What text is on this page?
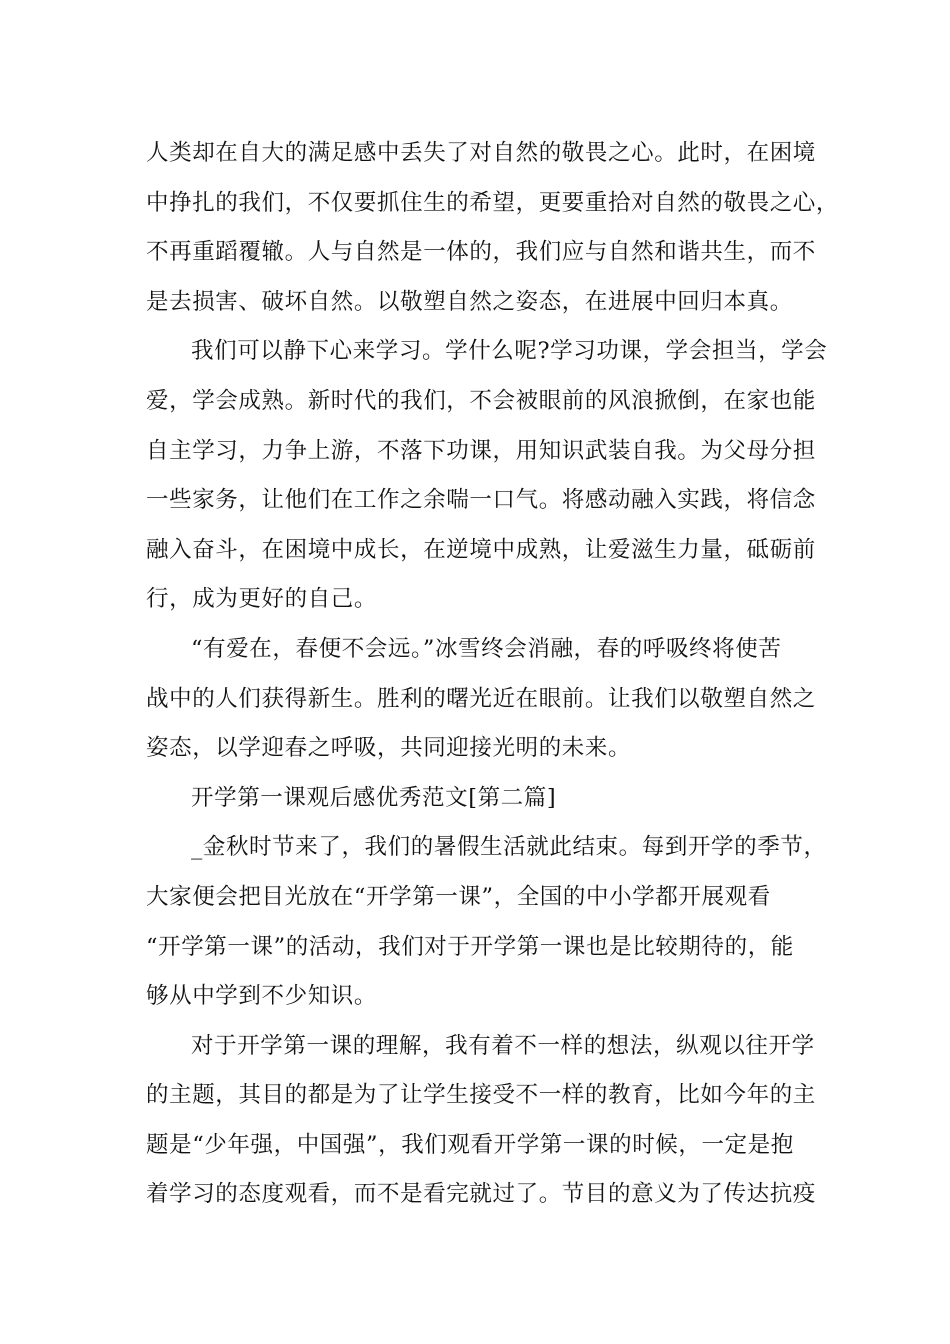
人类却在自大的满足感中丢失了对自然的敬畏之心。此时，在困境
中挣扎的我们，不仅要抓住生的希望，更要重拾对自然的敬畏之心，
不再重蹈覆辙。人与自然是一体的，我们应与自然和谐共生，而不
是去损害、破坏自然。以敬塑自然之姿态，在进展中回归本真。
我们可以静下心来学习。学什么呢?学习功课，学会担当，学会
爱，学会成熟。新时代的我们，不会被眼前的风浪掀倒，在家也能
自主学习，力争上游，不落下功课，用知识武装自我。为父母分担
一些家务，让他们在工作之余喘一口气。将感动融入实践，将信念
融入奋斗，在困境中成长，在逆境中成熟，让爱滋生力量，砥砺前
行，成为更好的自己。
“有爱在，春便不会远。”冰雪终会消融，春的呼吸终将使苦
战中的人们获得新生。胜利的曙光近在眼前。让我们以敬塑自然之
姿态，以学迎春之呼吸，共同迎接光明的未来。
开学第一课观后感优秀范文[第二篇]
_金秋时节来了，我们的暑假生活就此结束。每到开学的季节，
大家便会把目光放在“开学第一课”，全国的中小学都开展观看
“开学第一课”的活动，我们对于开学第一课也是比较期待的，能
够从中学到不少知识。
对于开学第一课的理解，我有着不一样的想法，纵观以往开学
的主题，其目的都是为了让学生接受不一样的教育，比如今年的主
题是“少年强，中国强”，我们观看开学第一课的时候，一定是抱
着学习的态度观看，而不是看完就过了。节目的意义为了传达抗疫
